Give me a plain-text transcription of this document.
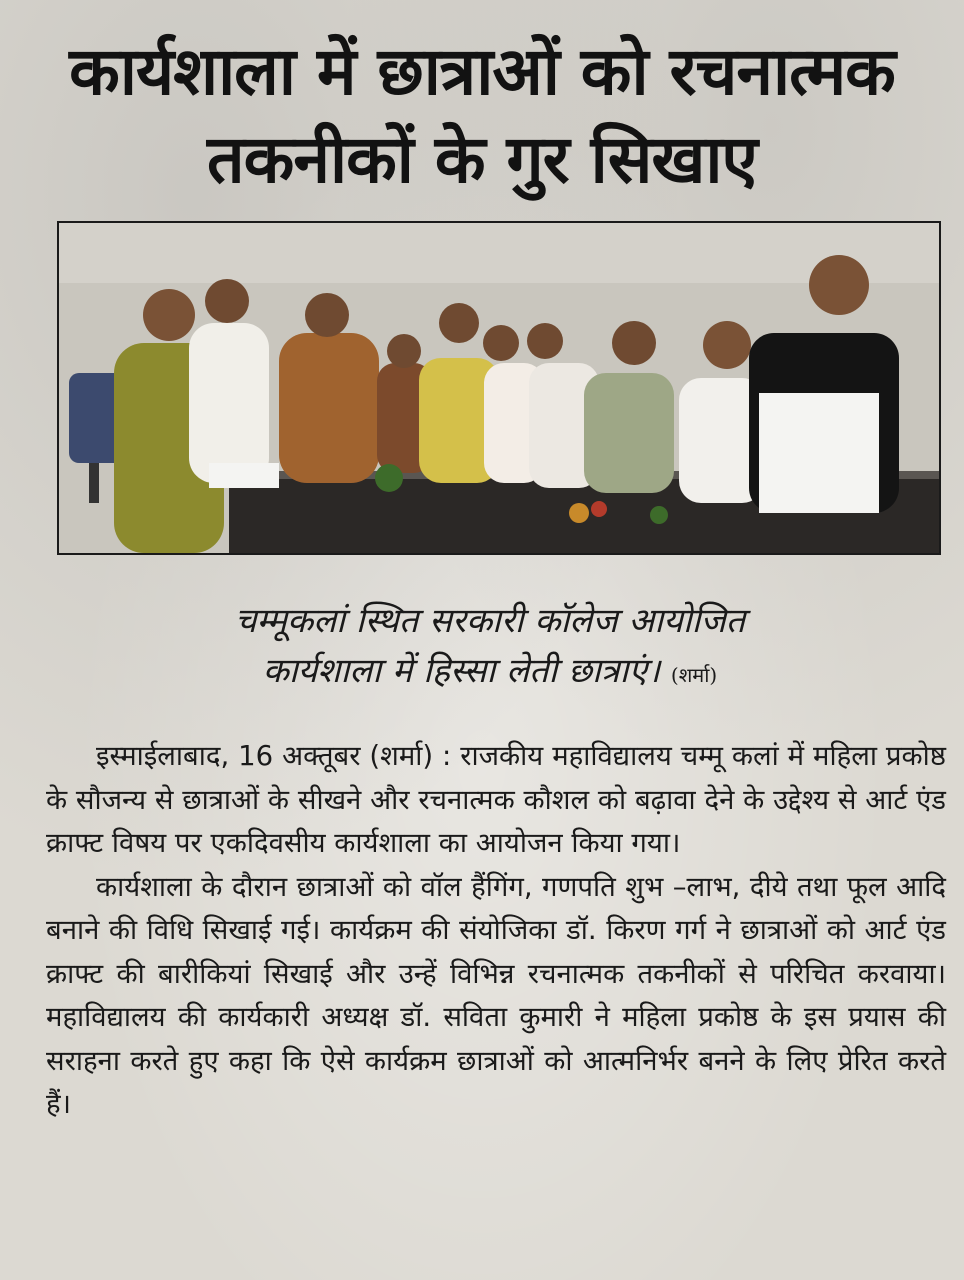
कार्यशाला में छात्राओं को रचनात्मक
तकनीकों के गुर सिखाए
चम्मूकलां स्थित सरकारी कॉलेज आयोजित
कार्यशाला में हिस्सा लेती छात्राएं। (शर्मा)

इस्माईलाबाद, 16 अक्तूबर (शर्मा) : राजकीय महाविद्यालय चम्मू कलां में महिला प्रकोष्ठ के सौजन्य से छात्राओं के सीखने और रचनात्मक कौशल को बढ़ावा देने के उद्देश्य से आर्ट एंड क्राफ्ट विषय पर एकदिवसीय कार्यशाला का आयोजन किया गया।

कार्यशाला के दौरान छात्राओं को वॉल हैंगिंग, गणपति शुभ –लाभ, दीये तथा फूल आदि बनाने की विधि सिखाई गई। कार्यक्रम की संयोजिका डॉ. किरण गर्ग ने छात्राओं को आर्ट एंड क्राफ्ट की बारीकियां सिखाई और उन्हें विभिन्न रचनात्मक तकनीकों से परिचित करवाया। महाविद्यालय की कार्यकारी अध्यक्ष डॉ. सविता कुमारी ने महिला प्रकोष्ठ के इस प्रयास की सराहना करते हुए कहा कि ऐसे कार्यक्रम छात्राओं को आत्मनिर्भर बनने के लिए प्रेरित करते हैं।
